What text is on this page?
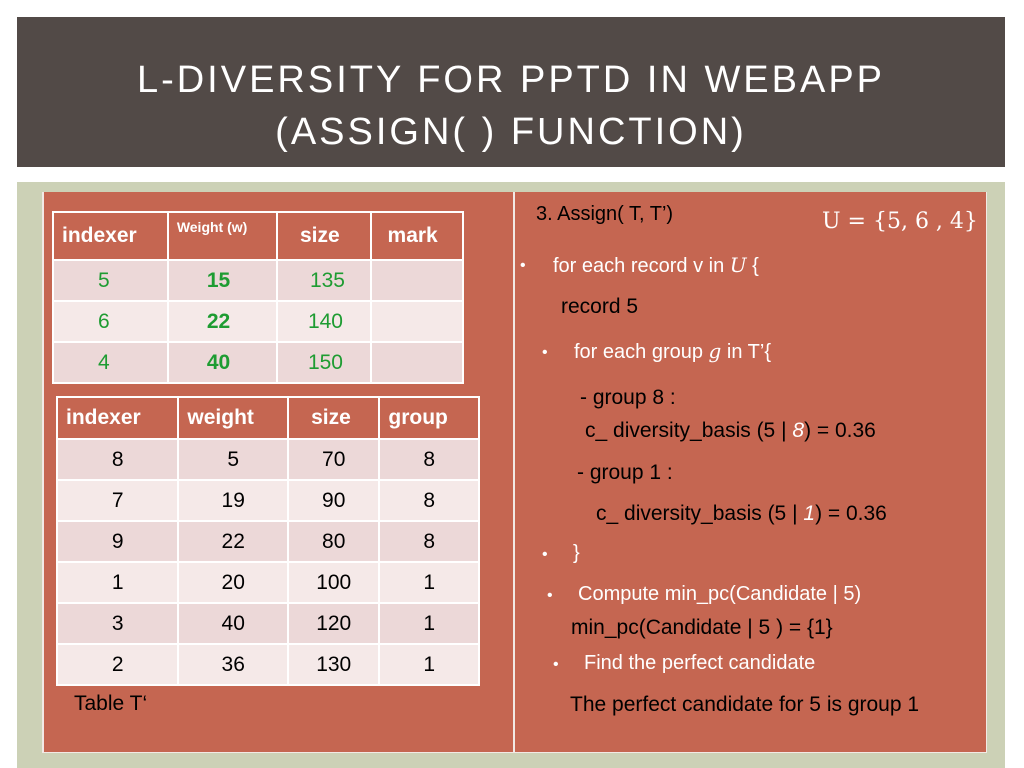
L-DIVERSITY FOR PPTD IN WEBAPP
(ASSIGN( ) FUNCTION)
indexer	Weight (w)	size	mark
5	15	135	
6	22	140	
4	40	150	
indexer	weight	size	group
8	5	70	8
7	19	90	8
9	22	80	8
1	20	100	1
3	40	120	1
2	36	130	1
Table T‘
3. Assign( T, T’)	U = {5, 6 , 4}
• for each record v in U {
record 5
• for each group g in T’{
- group 8 :
c_ diversity_basis (5 | 8) = 0.36
- group 1 :
c_ diversity_basis (5 | 1) = 0.36
• }
• Compute min_pc(Candidate | 5)
min_pc(Candidate | 5 ) = {1}
• Find the perfect candidate
The perfect candidate for 5 is group 1
